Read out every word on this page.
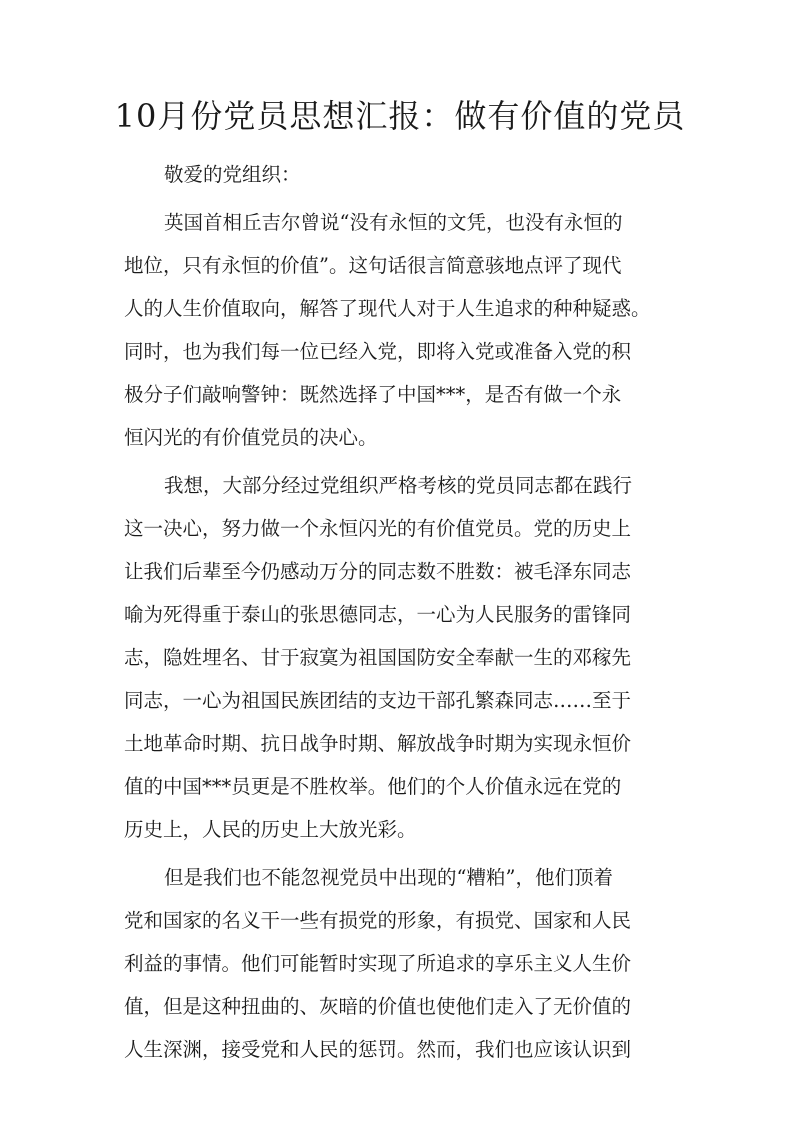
10月份党员思想汇报：做有价值的党员
敬爱的党组织：
英国首相丘吉尔曾说“没有永恒的文凭，也没有永恒的
地位，只有永恒的价值”。这句话很言简意骇地点评了现代
人的人生价值取向，解答了现代人对于人生追求的种种疑惑。
同时，也为我们每一位已经入党，即将入党或准备入党的积
极分子们敲响警钟：既然选择了中国***，是否有做一个永
恒闪光的有价值党员的决心。
我想，大部分经过党组织严格考核的党员同志都在践行
这一决心，努力做一个永恒闪光的有价值党员。党的历史上
让我们后辈至今仍感动万分的同志数不胜数：被毛泽东同志
喻为死得重于泰山的张思德同志，一心为人民服务的雷锋同
志，隐姓埋名、甘于寂寞为祖国国防安全奉献一生的邓稼先
同志，一心为祖国民族团结的支边干部孔繁森同志……至于
土地革命时期、抗日战争时期、解放战争时期为实现永恒价
值的中国***员更是不胜枚举。他们的个人价值永远在党的
历史上，人民的历史上大放光彩。
但是我们也不能忽视党员中出现的“糟粕”，他们顶着
党和国家的名义干一些有损党的形象，有损党、国家和人民
利益的事情。他们可能暂时实现了所追求的享乐主义人生价
值，但是这种扭曲的、灰暗的价值也使他们走入了无价值的
人生深渊，接受党和人民的惩罚。然而，我们也应该认识到
